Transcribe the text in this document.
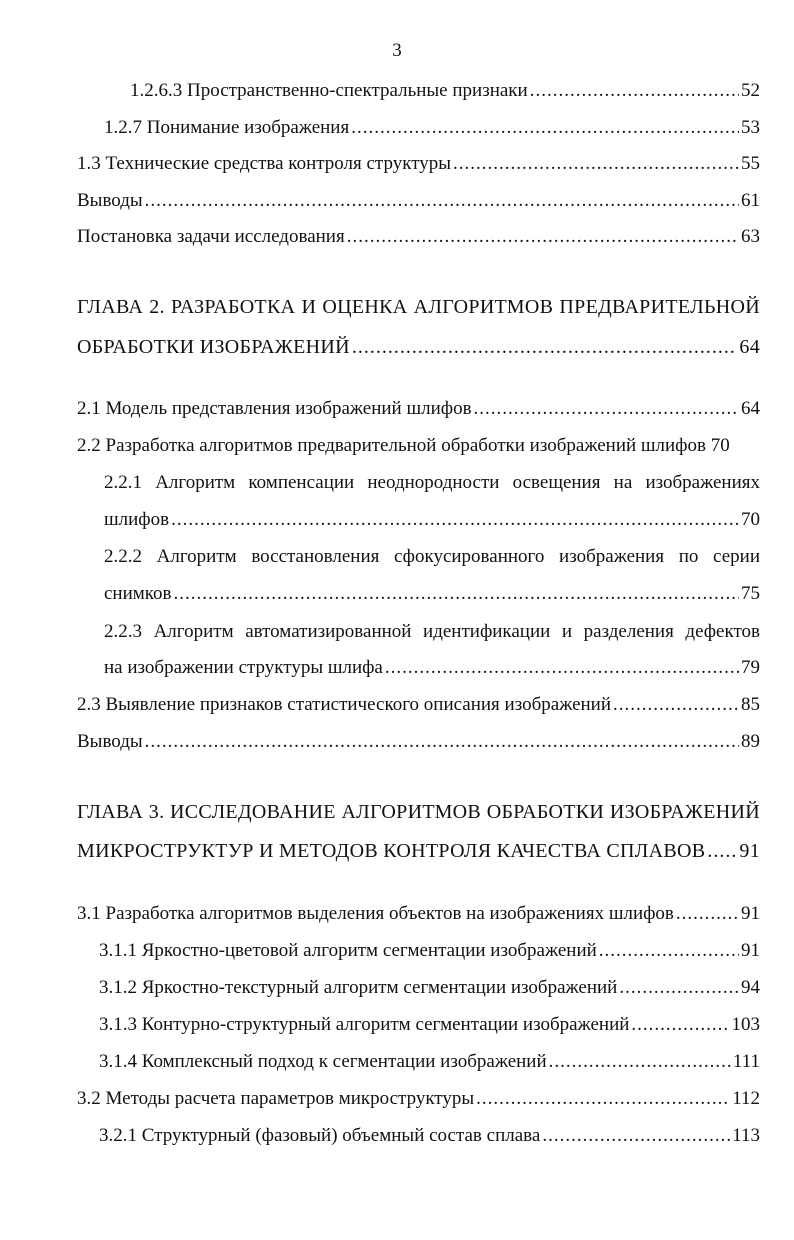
3
1.2.6.3 Пространственно-спектральные признаки .....	52
1.2.7 Понимание изображения .....	53
1.3 Технические средства контроля структуры .....	55
Выводы .....	61
Постановка задачи исследования .....	63
ГЛАВА 2. РАЗРАБОТКА И ОЦЕНКА АЛГОРИТМОВ ПРЕДВАРИТЕЛЬНОЙ
ОБРАБОТКИ ИЗОБРАЖЕНИЙ .....	64
2.1 Модель представления изображений шлифов .....	64
2.2 Разработка алгоритмов предварительной обработки изображений шлифов 70
2.2.1 Алгоритм компенсации неоднородности освещения на изображениях
шлифов .....	70
2.2.2 Алгоритм восстановления сфокусированного изображения по серии
снимков .....	75
2.2.3 Алгоритм автоматизированной идентификации и разделения дефектов
на изображении структуры шлифа .....	79
2.3 Выявление признаков статистического описания изображений .....	85
Выводы .....	89
ГЛАВА 3. ИССЛЕДОВАНИЕ АЛГОРИТМОВ ОБРАБОТКИ ИЗОБРАЖЕНИЙ
МИКРОСТРУКТУР И МЕТОДОВ КОНТРОЛЯ КАЧЕСТВА СПЛАВОВ ..... 91
3.1 Разработка алгоритмов выделения объектов на изображениях шлифов .....	91
3.1.1 Яркостно-цветовой алгоритм сегментации изображений .....	91
3.1.2 Яркостно-текстурный алгоритм сегментации изображений .....	94
3.1.3 Контурно-структурный алгоритм сегментации изображений .....	103
3.1.4 Комплексный подход к сегментации изображений .....	111
3.2 Методы расчета параметров микроструктуры .....	112
3.2.1 Структурный (фазовый) объемный состав сплава .....	113
